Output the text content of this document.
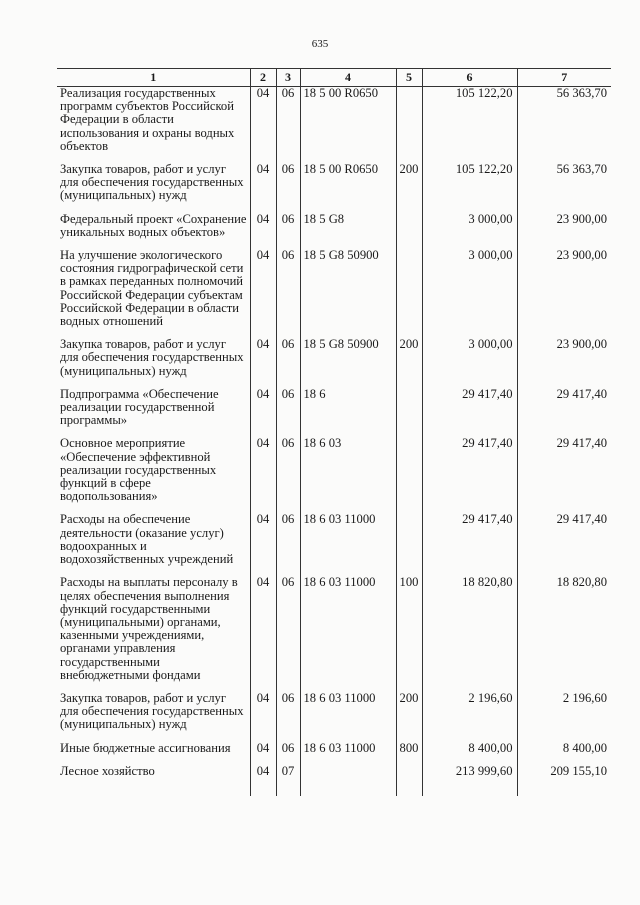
635
1	2	3	4	5	6	7
Реализация государственных программ субъектов Российской Федерации в области использования и охраны водных объектов	04	06	18 5 00 R0650		105 122,20	56 363,70
Закупка товаров, работ и услуг для обеспечения государственных (муниципальных) нужд	04	06	18 5 00 R0650	200	105 122,20	56 363,70
Федеральный проект «Сохранение уникальных водных объектов»	04	06	18 5 G8		3 000,00	23 900,00
На улучшение экологического состояния гидрографической сети в рамках переданных полномочий Российской Федерации субъектам Российской Федерации в области водных отношений	04	06	18 5 G8 50900		3 000,00	23 900,00
Закупка товаров, работ и услуг для обеспечения государственных (муниципальных) нужд	04	06	18 5 G8 50900	200	3 000,00	23 900,00
Подпрограмма «Обеспечение реализации государственной программы»	04	06	18 6		29 417,40	29 417,40
Основное мероприятие «Обеспечение эффективной реализации государственных функций в сфере водопользования»	04	06	18 6 03		29 417,40	29 417,40
Расходы на обеспечение деятельности (оказание услуг) водоохранных и водохозяйственных учреждений	04	06	18 6 03 11000		29 417,40	29 417,40
Расходы на выплаты персоналу в целях обеспечения выполнения функций государственными (муниципальными) органами, казенными учреждениями, органами управления государственными внебюджетными фондами	04	06	18 6 03 11000	100	18 820,80	18 820,80
Закупка товаров, работ и услуг для обеспечения государственных (муниципальных) нужд	04	06	18 6 03 11000	200	2 196,60	2 196,60
Иные бюджетные ассигнования	04	06	18 6 03 11000	800	8 400,00	8 400,00
Лесное хозяйство	04	07			213 999,60	209 155,10
